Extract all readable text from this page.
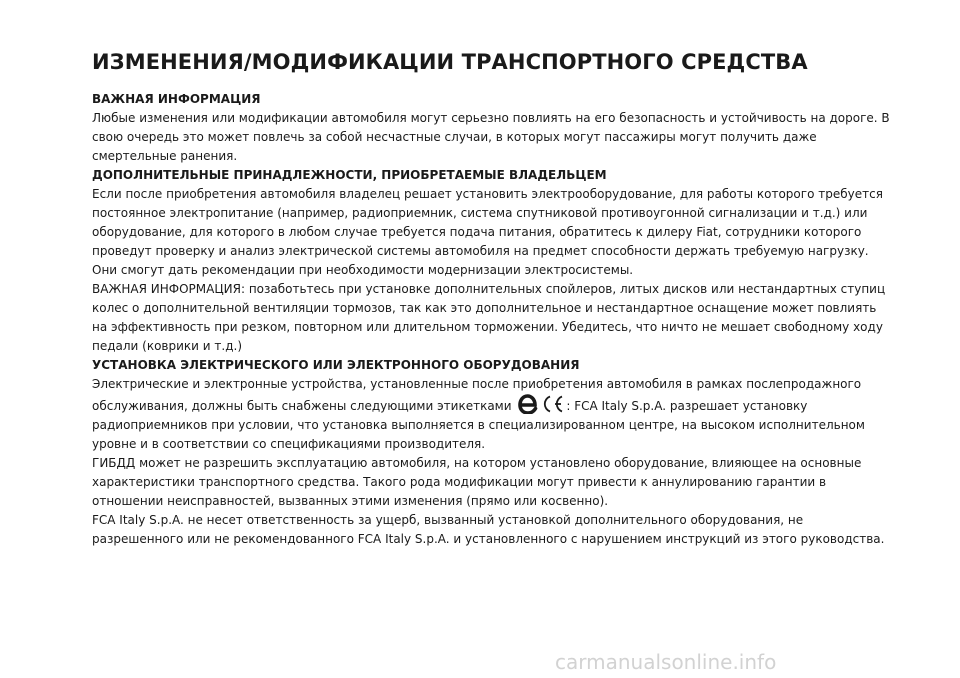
ИЗМЕНЕНИЯ/МОДИФИКАЦИИ ТРАНСПОРТНОГО СРЕДСТВА
ВАЖНАЯ ИНФОРМАЦИЯ

Любые изменения или модификации автомобиля могут серьезно повлиять на его безопасность и устойчивость на дороге. В свою очередь это может повлечь за собой несчастные случаи, в которых могут пассажиры могут получить даже смертельные ранения.

ДОПОЛНИТЕЛЬНЫЕ ПРИНАДЛЕЖНОСТИ, ПРИОБРЕТАЕМЫЕ ВЛАДЕЛЬЦЕМ

Если после приобретения автомобиля владелец решает установить электрооборудование, для работы которого требуется постоянное электропитание (например, радиоприемник, система спутниковой противоугонной сигнализации и т.д.) или оборудование, для которого в любом случае требуется подача питания, обратитесь к дилеру Fiat, сотрудники которого проведут проверку и анализ электрической системы автомобиля на предмет способности держать требуемую нагрузку. Они смогут дать рекомендации при необходимости модернизации электросистемы.

ВАЖНАЯ ИНФОРМАЦИЯ: позаботьтесь при установке дополнительных спойлеров, литых дисков или нестандартных ступиц колес о дополнительной вентиляции тормозов, так как это дополнительное и нестандартное оснащение может повлиять на эффективность при резком, повторном или длительном торможении. Убедитесь, что ничто не мешает свободному ходу педали (коврики и т.д.)

УСТАНОВКА ЭЛЕКТРИЧЕСКОГО ИЛИ ЭЛЕКТРОННОГО ОБОРУДОВАНИЯ

Электрические и электронные устройства, установленные после приобретения автомобиля в рамках послепродажного обслуживания, должны быть снабжены следующими этикетками	: FCA Italy S.p.A. разрешает установку радиоприемников при условии, что установка выполняется в специализированном центре, на высоком исполнительном уровне и в соответствии со спецификациями производителя.

ГИБДД может не разрешить эксплуатацию автомобиля, на котором установлено оборудование, влияющее на основные характеристики транспортного средства. Такого рода модификации могут привести к аннулированию гарантии в отношении неисправностей, вызванных этими изменения (прямо или косвенно).

FCA Italy S.p.A. не несет ответственность за ущерб, вызванный установкой дополнительного оборудования, не разрешенного или не рекомендованного FCA Italy S.p.A. и установленного с нарушением инструкций из этого руководства.

carmanualsonline.info
